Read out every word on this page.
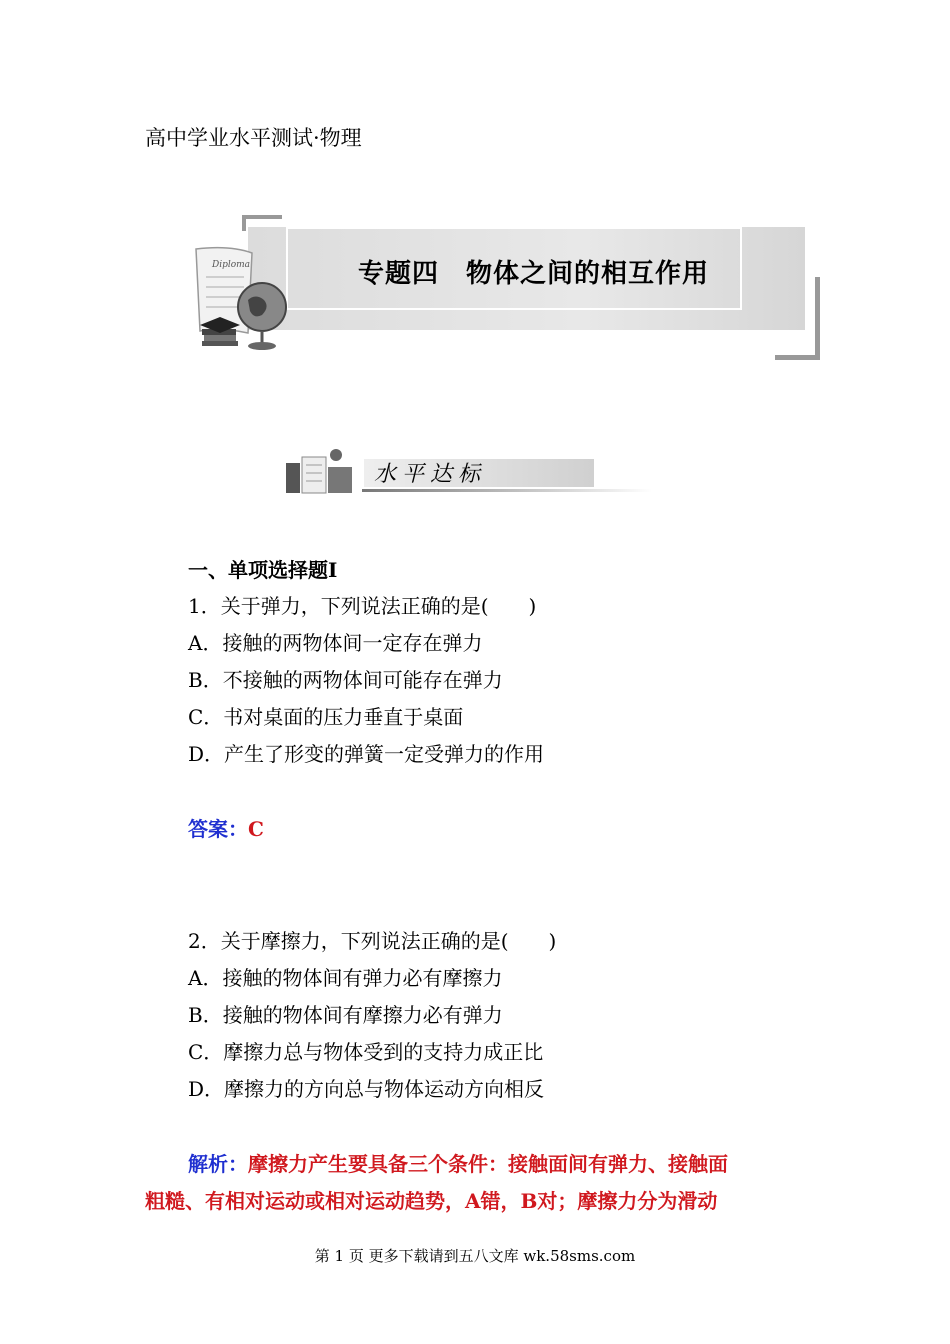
高中学业水平测试·物理
Diploma	专题四　物体之间的相互作用
水平达标
一、单项选择题Ⅰ
1．关于弹力，下列说法正确的是(　　)
A．接触的两物体间一定存在弹力
B．不接触的两物体间可能存在弹力
C．书对桌面的压力垂直于桌面
D．产生了形变的弹簧一定受弹力的作用
答案：C
2．关于摩擦力，下列说法正确的是(　　)
A．接触的物体间有弹力必有摩擦力
B．接触的物体间有摩擦力必有弹力
C．摩擦力总与物体受到的支持力成正比
D．摩擦力的方向总与物体运动方向相反
解析：摩擦力产生要具备三个条件：接触面间有弹力、接触面
粗糙、有相对运动或相对运动趋势，A错，B对；摩擦力分为滑动
第 1 页 更多下载请到五八文库 wk.58sms.com
